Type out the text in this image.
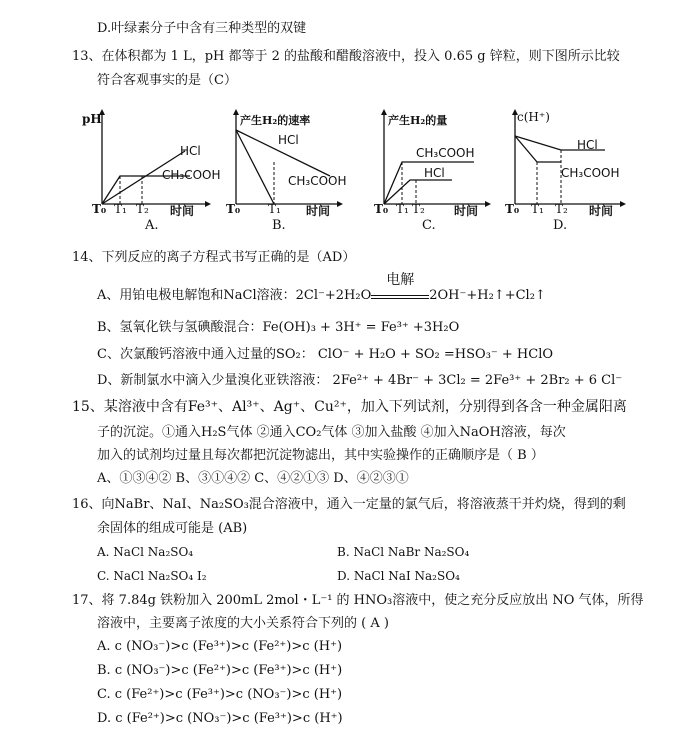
D.叶绿素分子中含有三种类型的双键
13、在体积都为 1 L，pH 都等于 2 的盐酸和醋酸溶液中，投入 0.65 g 锌粒，则下图所示比较
符合客观事实的是（C）
pH
HCl
CH₃COOH
T₀ T₁ T₂ 时间
A.
产生H₂的速率
HCl
CH₃COOH
T₀ T₁ 时间
B.
产生H₂的量
CH₃COOH
HCl
T₀ T₁ T₂ 时间
C.
c(H⁺)
HCl
CH₃COOH
T₀ T₁ T₂ 时间
D.
14、下列反应的离子方程式书写正确的是（AD）
A、用铂电极电解饱和NaCl溶液：2Cl⁻+2H₂O
电解
2OH⁻+H₂↑+Cl₂↑
B、氢氧化铁与氢碘酸混合：Fe(OH)₃ + 3H⁺ = Fe³⁺ +3H₂O
C、次氯酸钙溶液中通入过量的SO₂： ClO⁻ + H₂O + SO₂ =HSO₃⁻ + HClO
D、新制氯水中滴入少量溴化亚铁溶液： 2Fe²⁺ + 4Br⁻ + 3Cl₂ = 2Fe³⁺ + 2Br₂ + 6 Cl⁻
15、某溶液中含有Fe³⁺、Al³⁺、Ag⁺、Cu²⁺，加入下列试剂，分别得到各含一种金属阳离
子的沉淀。①通入H₂S气体 ②通入CO₂气体 ③加入盐酸 ④加入NaOH溶液，每次
加入的试剂均过量且每次都把沉淀物滤出，其中实验操作的正确顺序是（ B ）
A、①③④② B、③①④② C、④②①③ D、④②③①
16、向NaBr、NaI、Na₂SO₃混合溶液中，通入一定量的氯气后，将溶液蒸干并灼烧，得到的剩
余固体的组成可能是 (AB)
A. NaCl Na₂SO₄	B. NaCl NaBr Na₂SO₄
C. NaCl Na₂SO₄ I₂	D. NaCl NaI Na₂SO₄
17、将 7.84g 铁粉加入 200mL 2mol・L⁻¹ 的 HNO₃溶液中，使之充分反应放出 NO 气体，所得
溶液中，主要离子浓度的大小关系符合下列的 ( A )
A. c (NO₃⁻)>c (Fe³⁺)>c (Fe²⁺)>c (H⁺)
B. c (NO₃⁻)>c (Fe²⁺)>c (Fe³⁺)>c (H⁺)
C. c (Fe²⁺)>c (Fe³⁺)>c (NO₃⁻)>c (H⁺)
D. c (Fe²⁺)>c (NO₃⁻)>c (Fe³⁺)>c (H⁺)
